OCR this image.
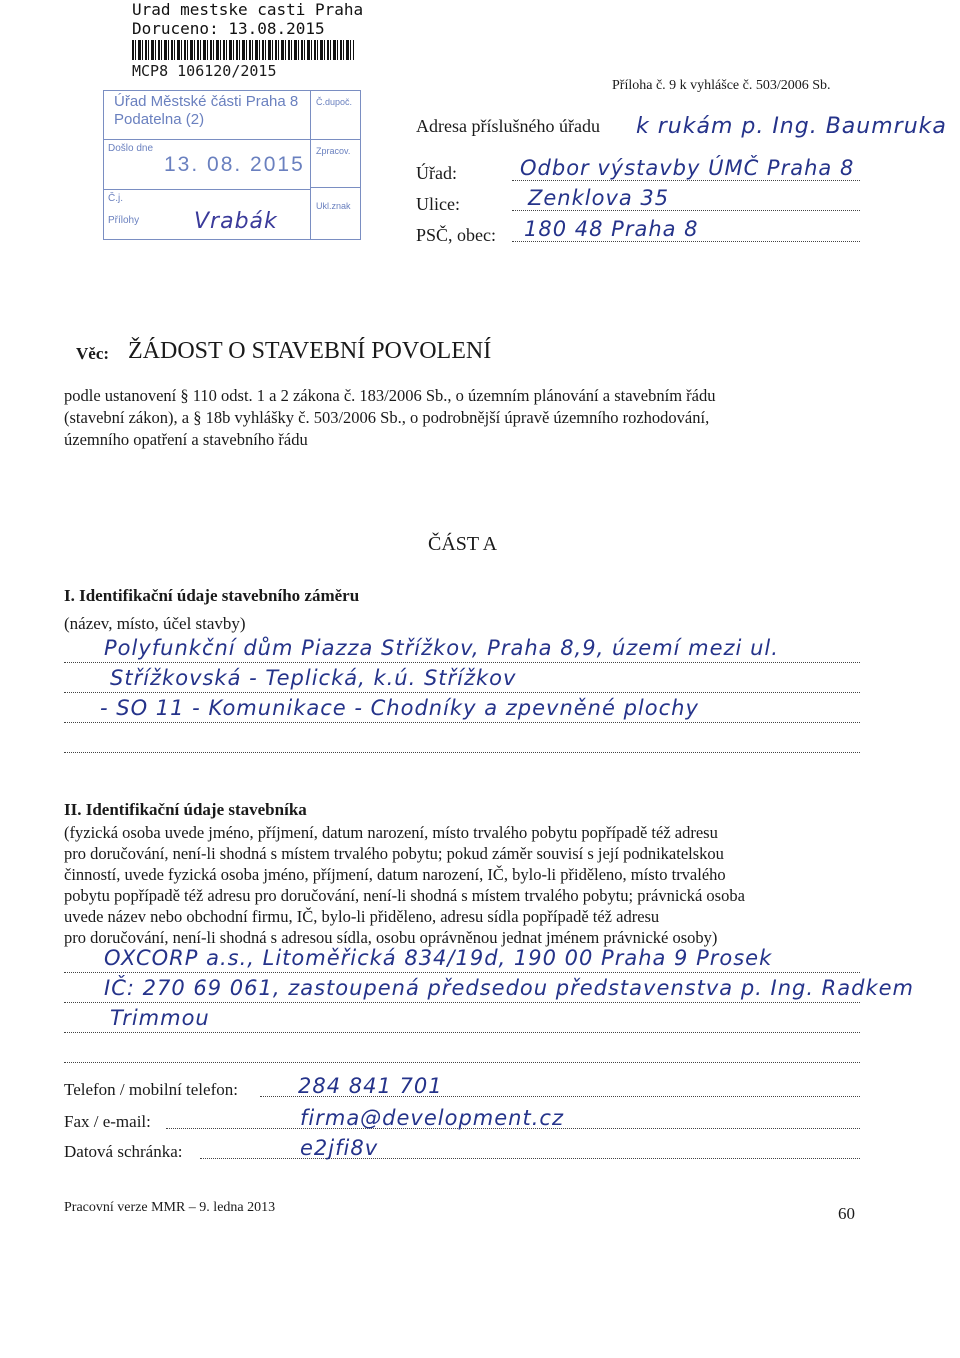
Urad mestske casti Praha
Doruceno: 13.08.2015
MCP8 106120/2015
Úřad Městské části Praha 8
Podatelna (2)
Č.dupoč.
Došlo dne
13. 08. 2015
Zpracov.
Č.j.
Přílohy
Ukl.znak
Vrabák
Příloha č. 9 k vyhlášce č. 503/2006 Sb.
Adresa příslušného úřadu k rukám p. Ing. Baumruka
Úřad:	Odbor výstavby ÚMČ Praha 8
Ulice:	Zenklova 35
PSČ, obec: 180 48 Praha 8
Věc: ŽÁDOST O STAVEBNÍ POVOLENÍ
podle ustanovení § 110 odst. 1 a 2 zákona č. 183/2006 Sb., o územním plánování a stavebním řádu
(stavební zákon), a § 18b vyhlášky č. 503/2006 Sb., o podrobnější úpravě územního rozhodování,
územního opatření a stavebního řádu
ČÁST A
I. Identifikační údaje stavebního záměru
(název, místo, účel stavby)
Polyfunkční dům Piazza Střížkov, Praha 8,9, území mezi ul.
Střížkovská - Teplická, k.ú. Střížkov
- SO 11 - Komunikace - Chodníky a zpevněné plochy
II. Identifikační údaje stavebníka
(fyzická osoba uvede jméno, příjmení, datum narození, místo trvalého pobytu popřípadě též adresu
pro doručování, není-li shodná s místem trvalého pobytu; pokud záměr souvisí s její podnikatelskou
činností, uvede fyzická osoba jméno, příjmení, datum narození, IČ, bylo-li přiděleno, místo trvalého
pobytu popřípadě též adresu pro doručování, není-li shodná s místem trvalého pobytu; právnická osoba
uvede název nebo obchodní firmu, IČ, bylo-li přiděleno, adresu sídla popřípadě též adresu
pro doručování, není-li shodná s adresou sídla, osobu oprávněnou jednat jménem právnické osoby)
OXCORP a.s., Litoměřická 834/19d, 190 00 Praha 9 Prosek
IČ: 270 69 061, zastoupená předsedou představenstva p. Ing. Radkem
Trimmou
Telefon / mobilní telefon:	284 841 701
Fax / e-mail:	firma@development.cz
Datová schránka:	e2jfi8v
Pracovní verze MMR – 9. ledna 2013	60
